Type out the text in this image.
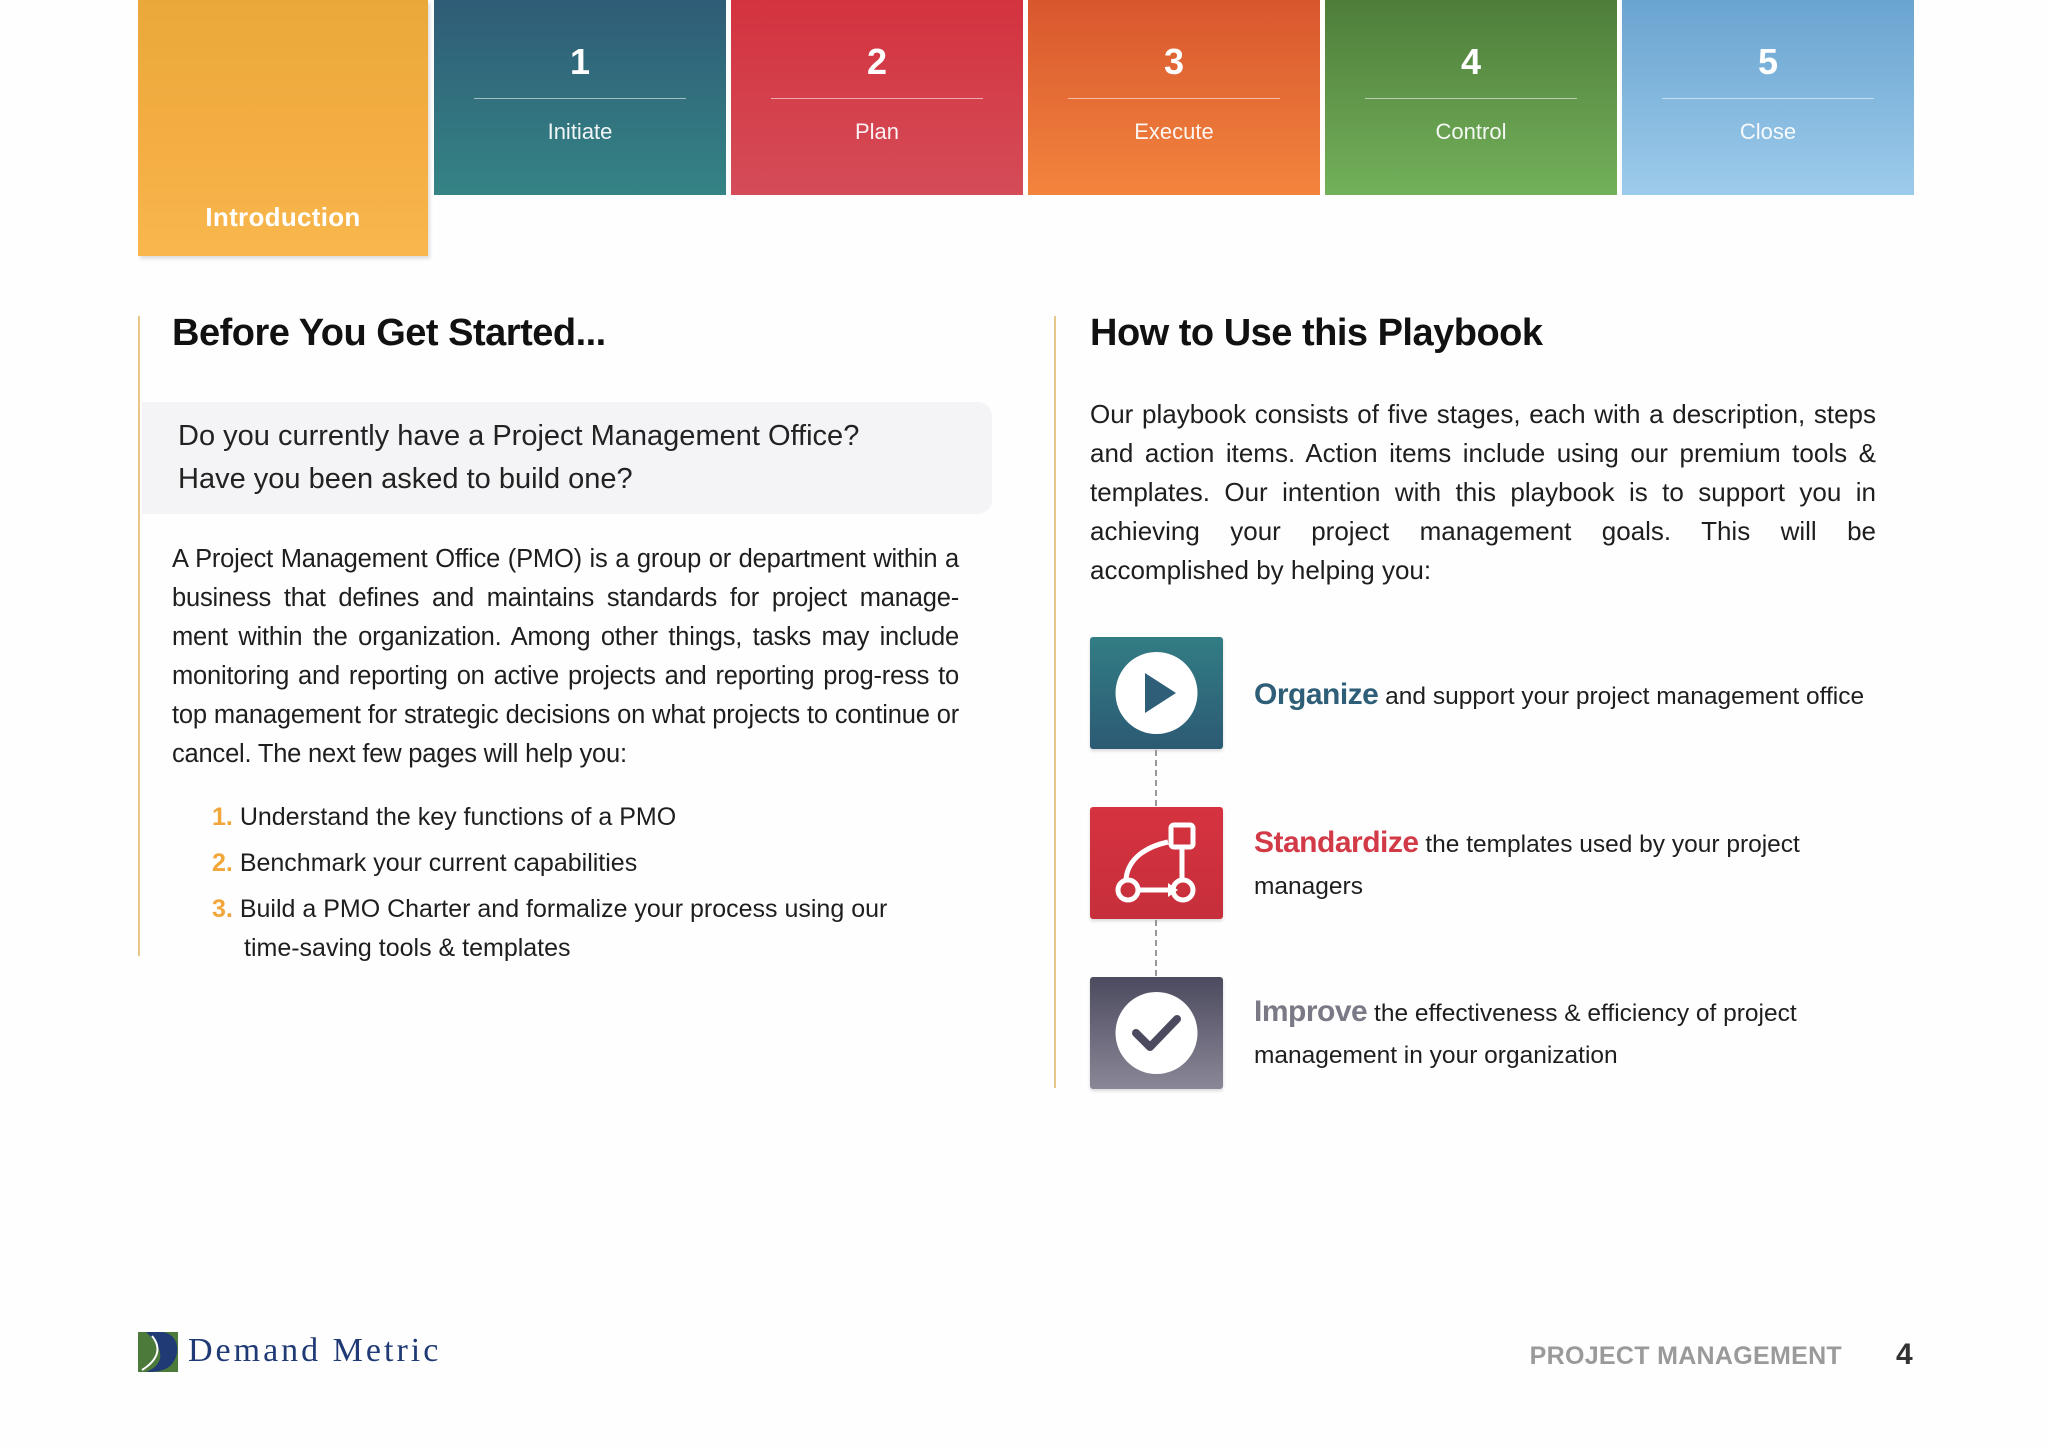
Introduction
1
Initiate
2
Plan
3
Execute
4
Control
5
Close
Before You Get Started...

Do you currently have a Project Management Office?

Have you been asked to build one?

A Project Management Office (PMO) is a group or department within a business that defines and maintains standards for project manage-ment within the organization. Among other things, tasks may include monitoring and reporting on active projects and reporting prog-ress to top management for strategic decisions on what projects to continue or cancel. The next few pages will help you:

1. Understand the key functions of a PMO
2. Benchmark your current capabilities
3. Build a PMO Charter and formalize your process using our
time-saving tools & templates
How to Use this Playbook

Our playbook consists of five stages, each with a description, steps and action items. Action items include using our premium tools & templates. Our intention with this playbook is to support you in achieving your project management goals. This will be accomplished by helping you:

Organize and support your project management office
Standardize the templates used by your project
managers
Improve the effectiveness & efficiency of project
management in your organization
Demand Metric	PROJECT MANAGEMENT 4
